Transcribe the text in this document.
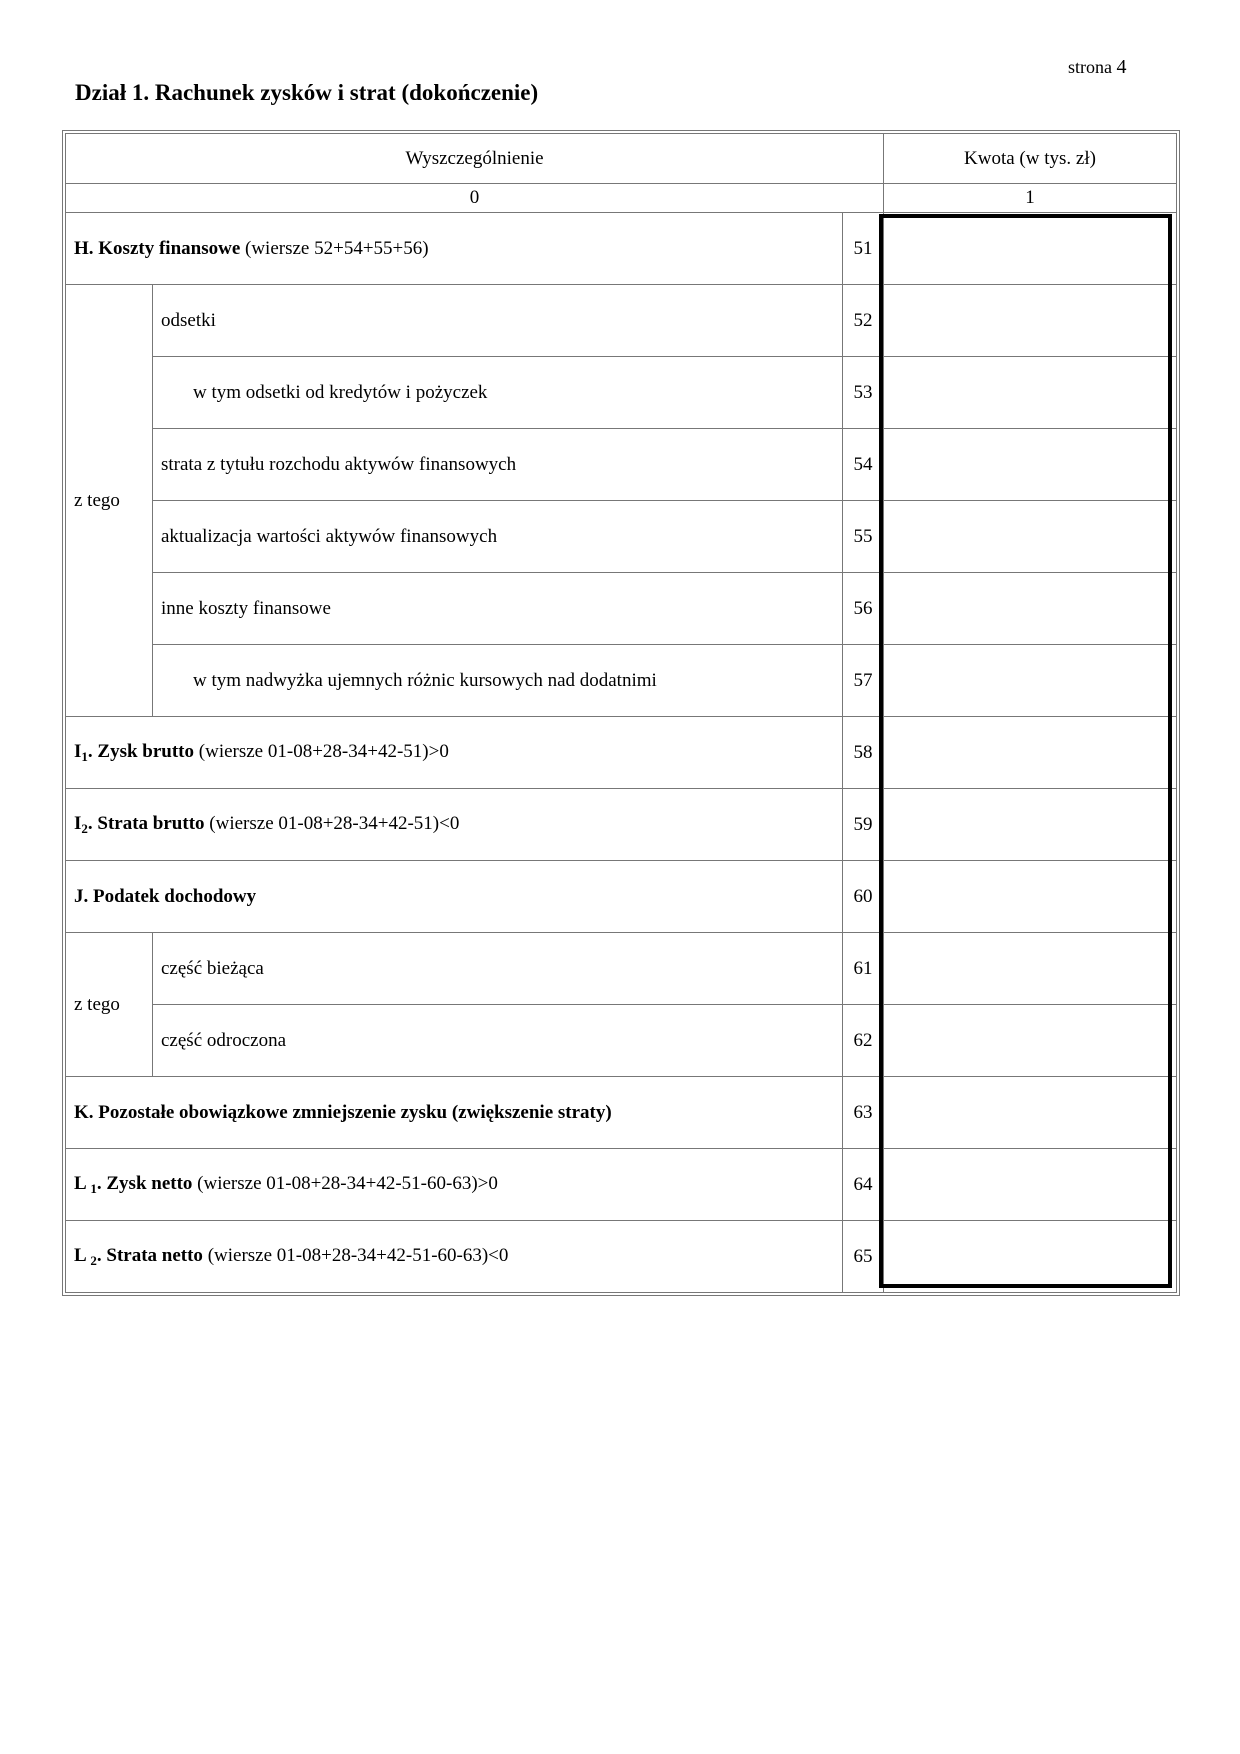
strona 4
Dział 1. Rachunek zysków i strat (dokończenie)
Wyszczególnienie			Kwota (w tys. zł)
0			1
H. Koszty finansowe (wiersze 52+54+55+56)		51	
z tego	odsetki	52	
	w tym odsetki od kredytów i pożyczek	53	
	strata z tytułu rozchodu aktywów finansowych	54	
	aktualizacja wartości aktywów finansowych	55	
	inne koszty finansowe	56	
	w tym nadwyżka ujemnych różnic kursowych nad dodatnimi	57	
$I_1$. Zysk brutto (wiersze 01-08+28-34+42-51)>0		58	
$I_2$. Strata brutto (wiersze 01-08+28-34+42-51)<0		59	
J. Podatek dochodowy		60	
z tego	część bieżąca	61	
	część odroczona	62	
K. Pozostałe obowiązkowe zmniejszenie zysku (zwiększenie straty)		63	
L $_1$. Zysk netto (wiersze 01-08+28-34+42-51-60-63)>0		64	
L $_2$. Strata netto (wiersze 01-08+28-34+42-51-60-63)<0		65	
